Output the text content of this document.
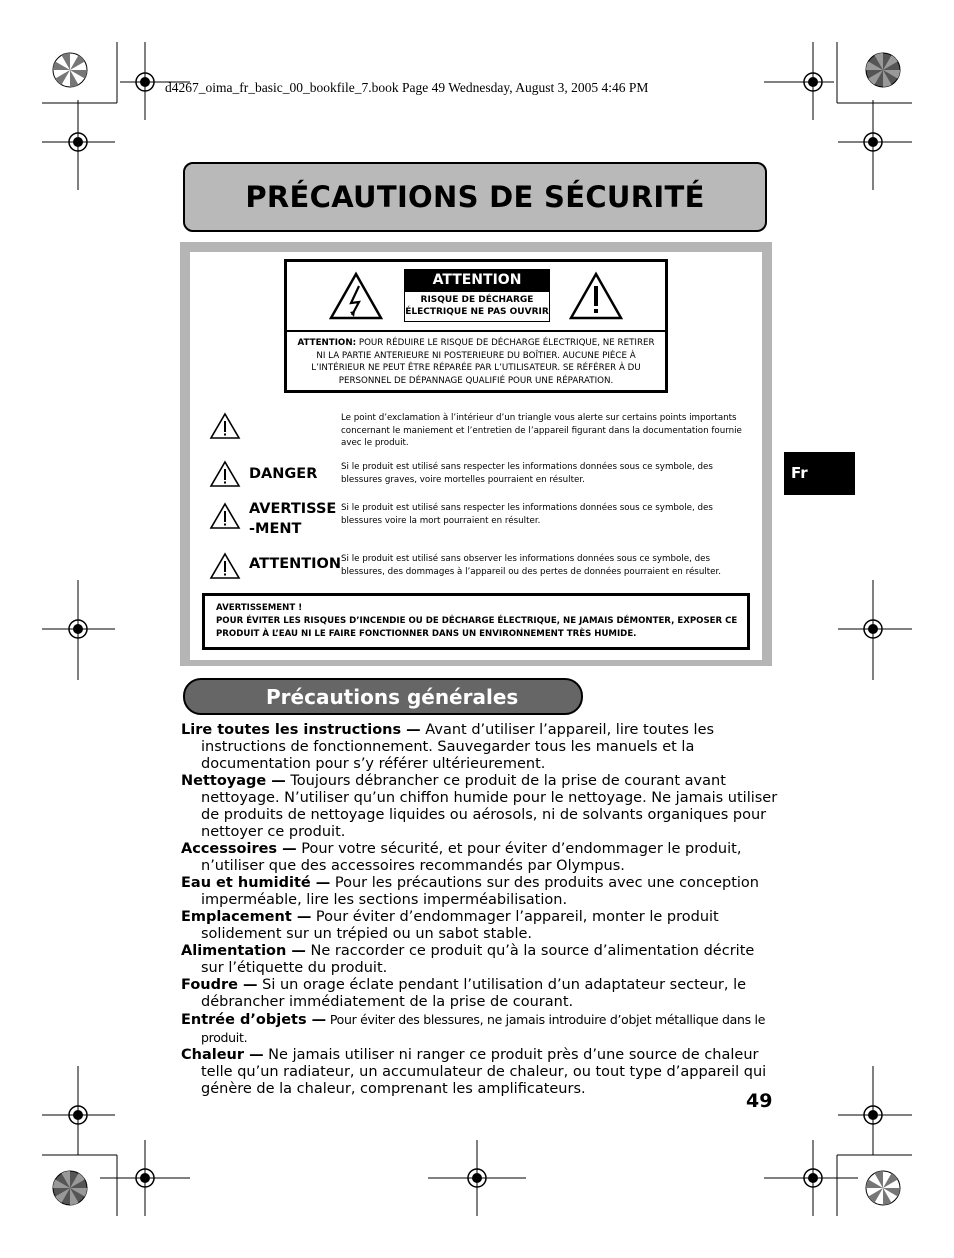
d4267_oima_fr_basic_00_bookfile_7.book Page 49 Wednesday, August 3, 2005 4:46 PM
PRÉCAUTIONS DE SÉCURITÉ
Fr
ATTENTION
RISQUE DE DÉCHARGE
ÉLECTRIQUE NE PAS OUVRIR
ATTENTION: POUR RÉDUIRE LE RISQUE DE DÉCHARGE ÉLECTRIQUE, NE RETIRER NI LA PARTIE ANTERIEURE NI POSTERIEURE DU BOÎTIER. AUCUNE PIÈCE À L’INTÉRIEUR NE PEUT ÊTRE RÉPARÉE PAR L’UTILISATEUR. SE RÉFÉRER À DU PERSONNEL DE DÉPANNAGE QUALIFIÉ POUR UNE RÉPARATION.
Le point d’exclamation à l’intérieur d’un triangle vous alerte sur certains points importants concernant le maniement et l’entretien de l’appareil figurant dans la documentation fournie avec le produit.
DANGER	Si le produit est utilisé sans respecter les informations données sous ce symbole, des blessures graves, voire mortelles pourraient en résulter.
AVERTISSE-MENT
Si le produit est utilisé sans respecter les informations données sous ce symbole, des blessures voire la mort pourraient en résulter.
ATTENTION Si le produit est utilisé sans observer les informations données sous ce symbole, des blessures, des dommages à l’appareil ou des pertes de données pourraient en résulter.
AVERTISSEMENT !
POUR ÉVITER LES RISQUES D’INCENDIE OU DE DÉCHARGE ÉLECTRIQUE, NE JAMAIS DÉMONTER, EXPOSER CE PRODUIT À L’EAU NI LE FAIRE FONCTIONNER DANS UN ENVIRONNEMENT TRÈS HUMIDE.
Précautions générales

Lire toutes les instructions — Avant d’utiliser l’appareil, lire toutes les instructions de fonctionnement. Sauvegarder tous les manuels et la documentation pour s’y référer ultérieurement.

Nettoyage — Toujours débrancher ce produit de la prise de courant avant nettoyage. N’utiliser qu’un chiffon humide pour le nettoyage. Ne jamais utiliser de produits de nettoyage liquides ou aérosols, ni de solvants organiques pour nettoyer ce produit.

Accessoires — Pour votre sécurité, et pour éviter d’endommager le produit, n’utiliser que des accessoires recommandés par Olympus.

Eau et humidité — Pour les précautions sur des produits avec une conception imperméable, lire les sections imperméabilisation.

Emplacement — Pour éviter d’endommager l’appareil, monter le produit solidement sur un trépied ou un sabot stable.

Alimentation — Ne raccorder ce produit qu’à la source d’alimentation décrite sur l’étiquette du produit.

Foudre — Si un orage éclate pendant l’utilisation d’un adaptateur secteur, le débrancher immédiatement de la prise de courant.

Entrée d’objets — Pour éviter des blessures, ne jamais introduire d’objet métallique dans le produit.

Chaleur — Ne jamais utiliser ni ranger ce produit près d’une source de chaleur telle qu’un radiateur, un accumulateur de chaleur, ou tout type d’appareil qui génère de la chaleur, comprenant les amplificateurs.

49
